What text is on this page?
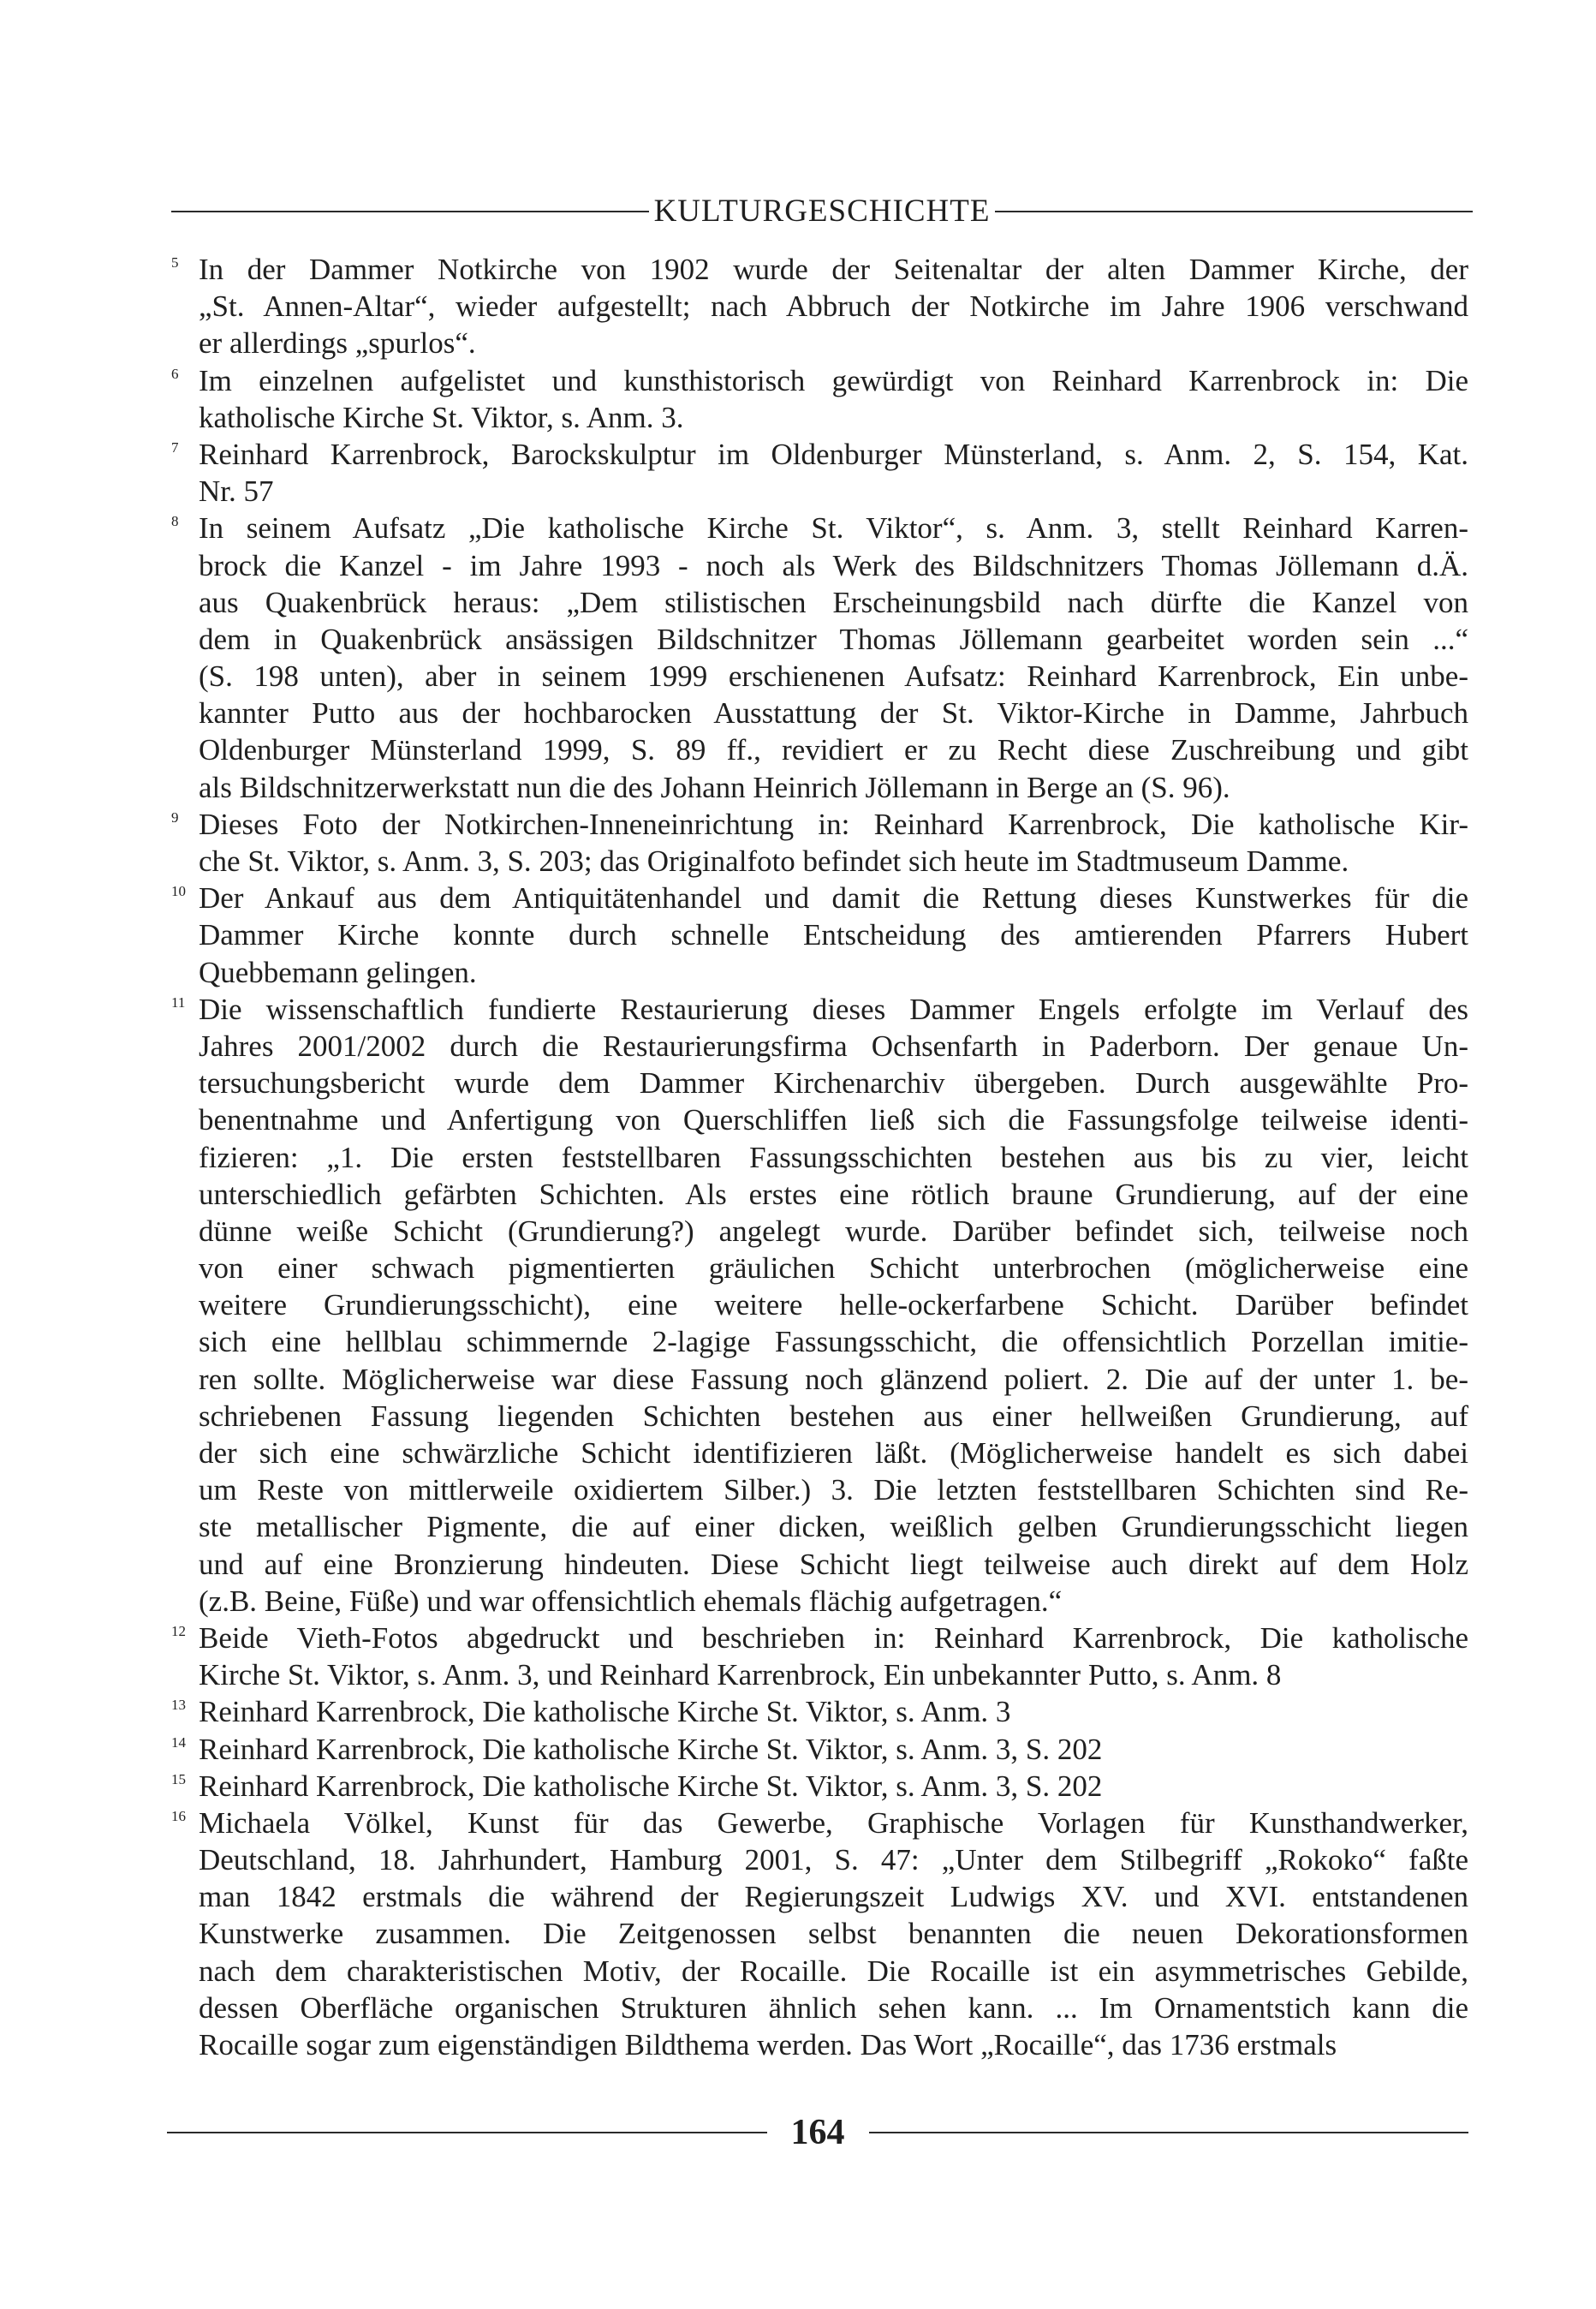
KULTURGESCHICHTE
5 In der Dammer Notkirche von 1902 wurde der Seitenaltar der alten Dammer Kirche, der
„St. Annen-Altar“, wieder aufgestellt; nach Abbruch der Notkirche im Jahre 1906 verschwand
er allerdings „spurlos“.
6 Im einzelnen aufgelistet und kunsthistorisch gewürdigt von Reinhard Karrenbrock in: Die
katholische Kirche St. Viktor, s. Anm. 3.
7 Reinhard Karrenbrock, Barockskulptur im Oldenburger Münsterland, s. Anm. 2, S. 154, Kat.
Nr. 57
8 In seinem Aufsatz „Die katholische Kirche St. Viktor“, s. Anm. 3, stellt Reinhard Karren-
brock die Kanzel - im Jahre 1993 - noch als Werk des Bildschnitzers Thomas Jöllemann d.Ä.
aus Quakenbrück heraus: „Dem stilistischen Erscheinungsbild nach dürfte die Kanzel von
dem in Quakenbrück ansässigen Bildschnitzer Thomas Jöllemann gearbeitet worden sein ...“
(S. 198 unten), aber in seinem 1999 erschienenen Aufsatz: Reinhard Karrenbrock, Ein unbe-
kannter Putto aus der hochbarocken Ausstattung der St. Viktor-Kirche in Damme, Jahrbuch
Oldenburger Münsterland 1999, S. 89 ff., revidiert er zu Recht diese Zuschreibung und gibt
als Bildschnitzerwerkstatt nun die des Johann Heinrich Jöllemann in Berge an (S. 96).
9 Dieses Foto der Notkirchen-Inneneinrichtung in: Reinhard Karrenbrock, Die katholische Kir-
che St. Viktor, s. Anm. 3, S. 203; das Originalfoto befindet sich heute im Stadtmuseum Damme.
10 Der Ankauf aus dem Antiquitätenhandel und damit die Rettung dieses Kunstwerkes für die
Dammer Kirche konnte durch schnelle Entscheidung des amtierenden Pfarrers Hubert
Quebbemann gelingen.
11 Die wissenschaftlich fundierte Restaurierung dieses Dammer Engels erfolgte im Verlauf des
Jahres 2001/2002 durch die Restaurierungsfirma Ochsenfarth in Paderborn. Der genaue Un-
tersuchungsbericht wurde dem Dammer Kirchenarchiv übergeben. Durch ausgewählte Pro-
benentnahme und Anfertigung von Querschliffen ließ sich die Fassungsfolge teilweise identi-
fizieren: „1. Die ersten feststellbaren Fassungsschichten bestehen aus bis zu vier, leicht
unterschiedlich gefärbten Schichten. Als erstes eine rötlich braune Grundierung, auf der eine
dünne weiße Schicht (Grundierung?) angelegt wurde. Darüber befindet sich, teilweise noch
von einer schwach pigmentierten gräulichen Schicht unterbrochen (möglicherweise eine
weitere Grundierungsschicht), eine weitere helle-ockerfarbene Schicht. Darüber befindet
sich eine hellblau schimmernde 2-lagige Fassungsschicht, die offensichtlich Porzellan imitie-
ren sollte. Möglicherweise war diese Fassung noch glänzend poliert. 2. Die auf der unter 1. be-
schriebenen Fassung liegenden Schichten bestehen aus einer hellweißen Grundierung, auf
der sich eine schwärzliche Schicht identifizieren läßt. (Möglicherweise handelt es sich dabei
um Reste von mittlerweile oxidiertem Silber.) 3. Die letzten feststellbaren Schichten sind Re-
ste metallischer Pigmente, die auf einer dicken, weißlich gelben Grundierungsschicht liegen
und auf eine Bronzierung hindeuten. Diese Schicht liegt teilweise auch direkt auf dem Holz
(z.B. Beine, Füße) und war offensichtlich ehemals flächig aufgetragen.“
12 Beide Vieth-Fotos abgedruckt und beschrieben in: Reinhard Karrenbrock, Die katholische
Kirche St. Viktor, s. Anm. 3, und Reinhard Karrenbrock, Ein unbekannter Putto, s. Anm. 8
13 Reinhard Karrenbrock, Die katholische Kirche St. Viktor, s. Anm. 3
14 Reinhard Karrenbrock, Die katholische Kirche St. Viktor, s. Anm. 3, S. 202
15 Reinhard Karrenbrock, Die katholische Kirche St. Viktor, s. Anm. 3, S. 202
16 Michaela Völkel, Kunst für das Gewerbe, Graphische Vorlagen für Kunsthandwerker,
Deutschland, 18. Jahrhundert, Hamburg 2001, S. 47: „Unter dem Stilbegriff „Rokoko“ faßte
man 1842 erstmals die während der Regierungszeit Ludwigs XV. und XVI. entstandenen
Kunstwerke zusammen. Die Zeitgenossen selbst benannten die neuen Dekorationsformen
nach dem charakteristischen Motiv, der Rocaille. Die Rocaille ist ein asymmetrisches Gebilde,
dessen Oberfläche organischen Strukturen ähnlich sehen kann. ... Im Ornamentstich kann die
Rocaille sogar zum eigenständigen Bildthema werden. Das Wort „Rocaille“, das 1736 erstmals
164
